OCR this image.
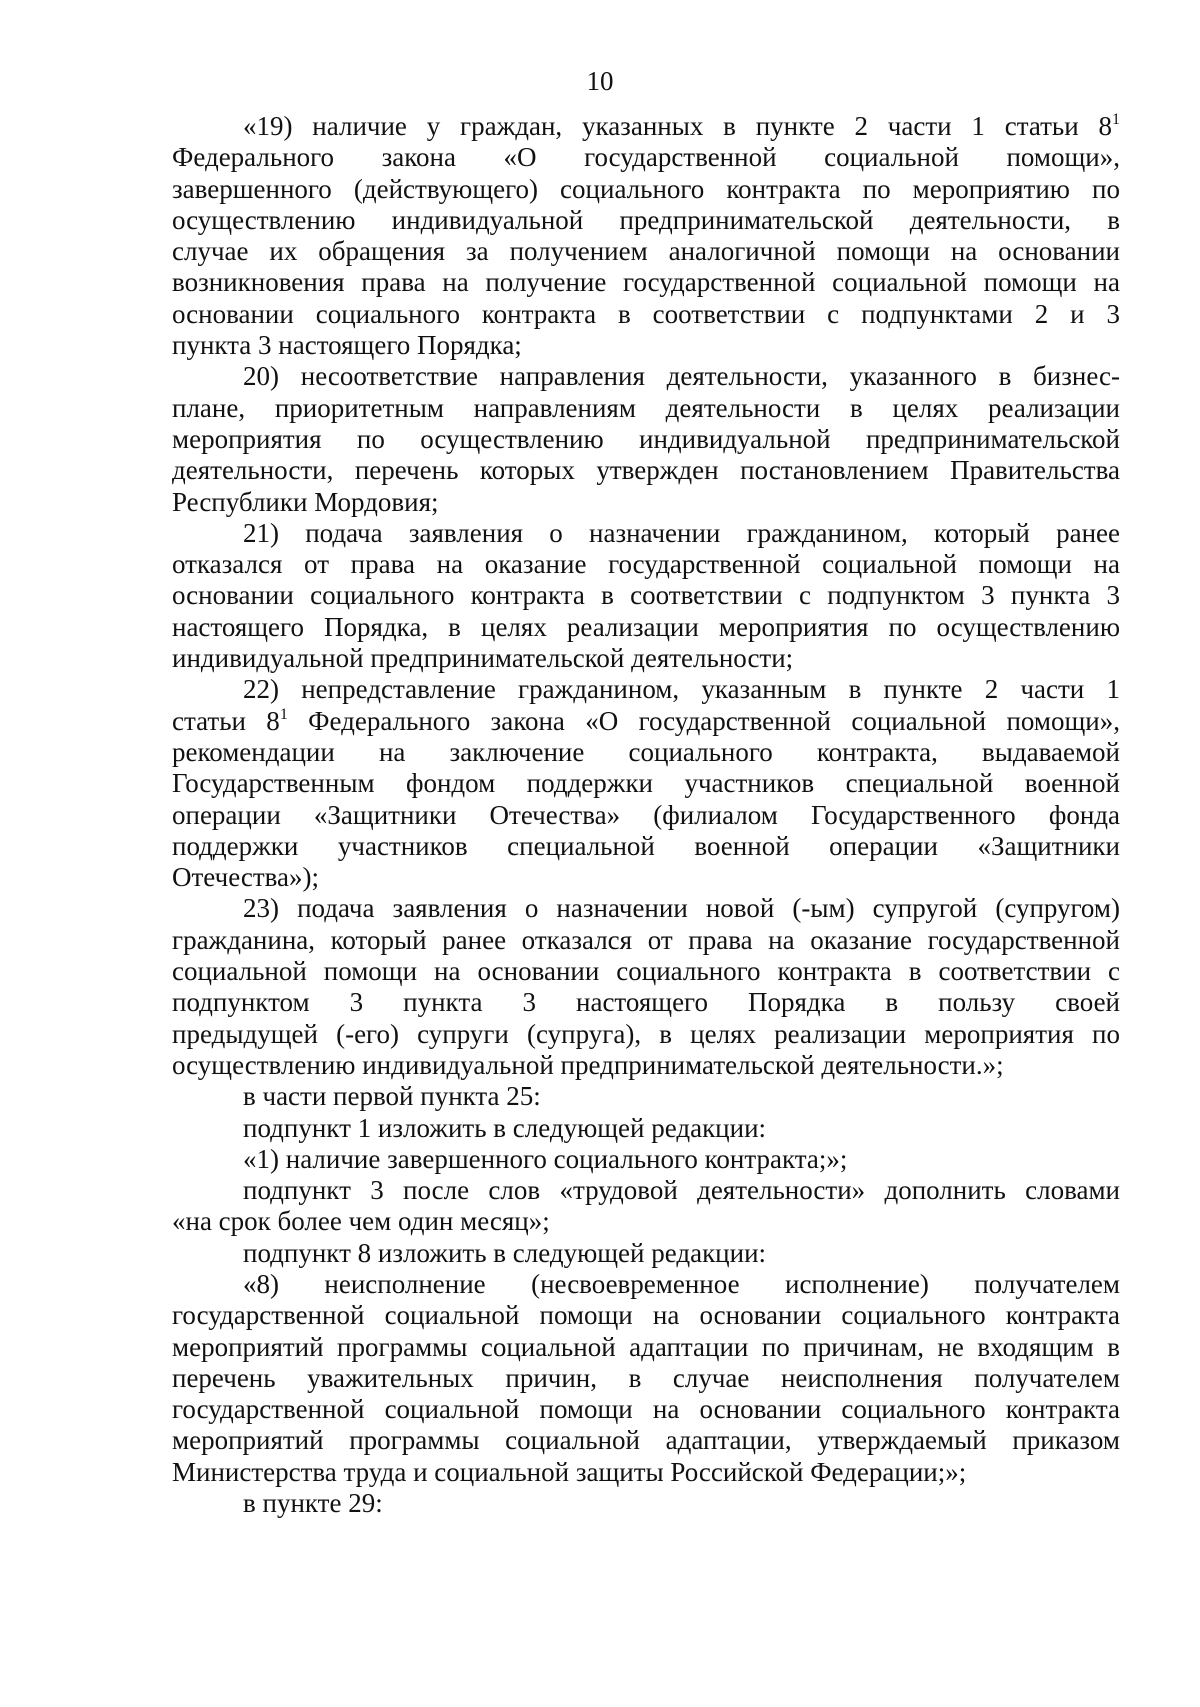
10
«19) наличие у граждан, указанных в пункте 2 части 1 статьи $8^1$
Федерального закона «О государственной социальной помощи»,
завершенного (действующего) социального контракта по мероприятию по
осуществлению индивидуальной предпринимательской деятельности, в
случае их обращения за получением аналогичной помощи на основании
возникновения права на получение государственной социальной помощи на
основании социального контракта в соответствии с подпунктами 2 и 3
пункта 3 настоящего Порядка;
20) несоответствие направления деятельности, указанного в бизнес-
плане, приоритетным направлениям деятельности в целях реализации
мероприятия по осуществлению индивидуальной предпринимательской
деятельности, перечень которых утвержден постановлением Правительства
Республики Мордовия;
21) подача заявления о назначении гражданином, который ранее
отказался от права на оказание государственной социальной помощи на
основании социального контракта в соответствии с подпунктом 3 пункта 3
настоящего Порядка, в целях реализации мероприятия по осуществлению
индивидуальной предпринимательской деятельности;
22) непредставление гражданином, указанным в пункте 2 части 1
статьи $8^1$ Федерального закона «О государственной социальной помощи»,
рекомендации на заключение социального контракта, выдаваемой
Государственным фондом поддержки участников специальной военной
операции «Защитники Отечества» (филиалом Государственного фонда
поддержки участников специальной военной операции «Защитники
Отечества»);
23) подача заявления о назначении новой (-ым) супругой (супругом)
гражданина, который ранее отказался от права на оказание государственной
социальной помощи на основании социального контракта в соответствии с
подпунктом 3 пункта 3 настоящего Порядка в пользу своей
предыдущей (-его) супруги (супруга), в целях реализации мероприятия по
осуществлению индивидуальной предпринимательской деятельности.»;
в части первой пункта 25:
подпункт 1 изложить в следующей редакции:
«1) наличие завершенного социального контракта;»;
подпункт 3 после слов «трудовой деятельности» дополнить словами
«на срок более чем один месяц»;
подпункт 8 изложить в следующей редакции:
«8) неисполнение (несвоевременное исполнение) получателем
государственной социальной помощи на основании социального контракта
мероприятий программы социальной адаптации по причинам, не входящим в
перечень уважительных причин, в случае неисполнения получателем
государственной социальной помощи на основании социального контракта
мероприятий программы социальной адаптации, утверждаемый приказом
Министерства труда и социальной защиты Российской Федерации;»;
в пункте 29:
